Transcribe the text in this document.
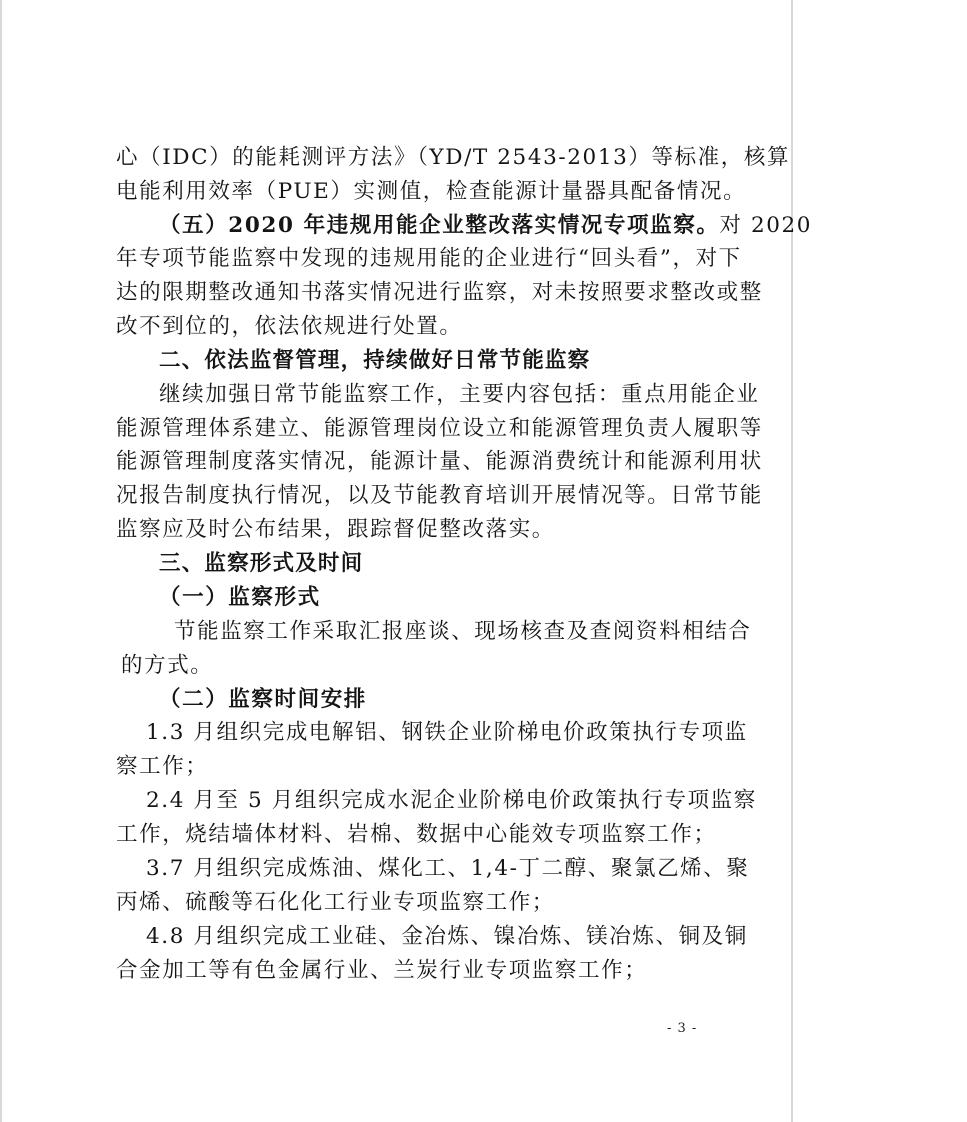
心（IDC）的能耗测评方法》（YD/T 2543-2013）等标准，核算
电能利用效率（PUE）实测值，检查能源计量器具配备情况。
（五）2020 年违规用能企业整改落实情况专项监察。对 2020
年专项节能监察中发现的违规用能的企业进行“回头看”，对下
达的限期整改通知书落实情况进行监察，对未按照要求整改或整
改不到位的，依法依规进行处置。
二、依法监督管理，持续做好日常节能监察
继续加强日常节能监察工作，主要内容包括：重点用能企业
能源管理体系建立、能源管理岗位设立和能源管理负责人履职等
能源管理制度落实情况，能源计量、能源消费统计和能源利用状
况报告制度执行情况，以及节能教育培训开展情况等。日常节能
监察应及时公布结果，跟踪督促整改落实。
三、监察形式及时间
（一）监察形式
节能监察工作采取汇报座谈、现场核查及查阅资料相结合
的方式。
（二）监察时间安排
1.3 月组织完成电解铝、钢铁企业阶梯电价政策执行专项监
察工作；
2.4 月至 5 月组织完成水泥企业阶梯电价政策执行专项监察
工作，烧结墙体材料、岩棉、数据中心能效专项监察工作；
3.7 月组织完成炼油、煤化工、1,4-丁二醇、聚氯乙烯、聚
丙烯、硫酸等石化化工行业专项监察工作；
4.8 月组织完成工业硅、金冶炼、镍冶炼、镁冶炼、铜及铜
合金加工等有色金属行业、兰炭行业专项监察工作；
- 3 -
